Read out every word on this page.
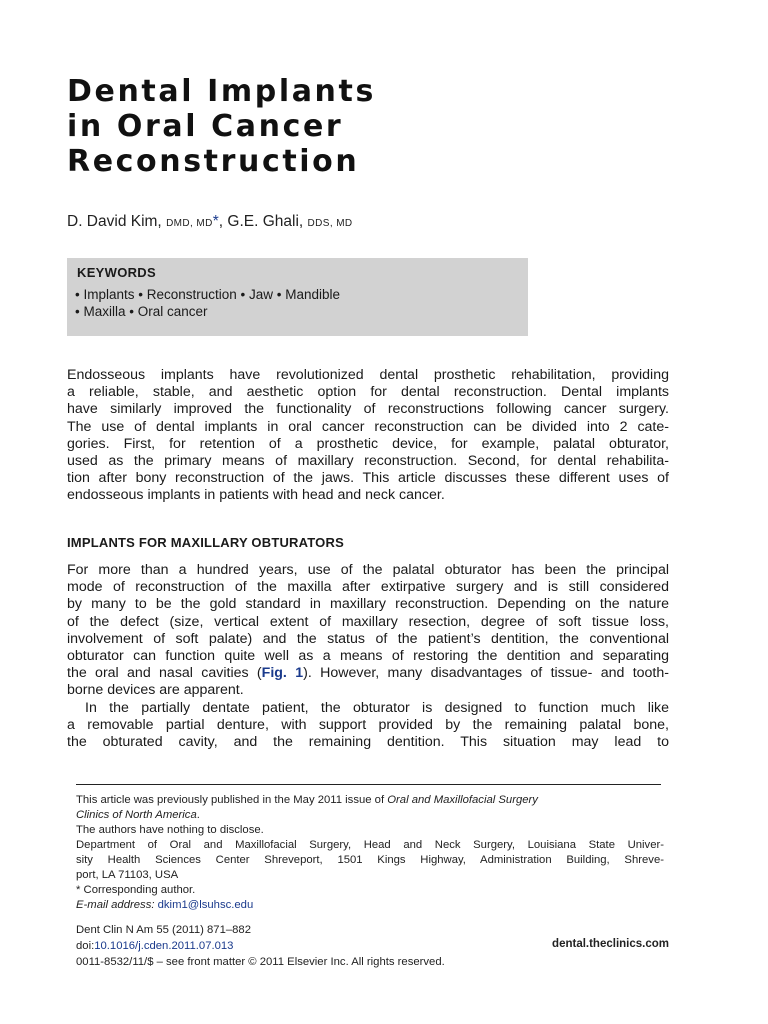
Dental Implants
in Oral Cancer
Reconstruction
D. David Kim, DMD, MD*, G.E. Ghali, DDS, MD
KEYWORDS
• Implants • Reconstruction • Jaw • Mandible
• Maxilla • Oral cancer
Endosseous implants have revolutionized dental prosthetic rehabilitation, providing
a reliable, stable, and aesthetic option for dental reconstruction. Dental implants
have similarly improved the functionality of reconstructions following cancer surgery.
The use of dental implants in oral cancer reconstruction can be divided into 2 cate-
gories. First, for retention of a prosthetic device, for example, palatal obturator,
used as the primary means of maxillary reconstruction. Second, for dental rehabilita-
tion after bony reconstruction of the jaws. This article discusses these different uses of
endosseous implants in patients with head and neck cancer.
IMPLANTS FOR MAXILLARY OBTURATORS
For more than a hundred years, use of the palatal obturator has been the principal
mode of reconstruction of the maxilla after extirpative surgery and is still considered
by many to be the gold standard in maxillary reconstruction. Depending on the nature
of the defect (size, vertical extent of maxillary resection, degree of soft tissue loss,
involvement of soft palate) and the status of the patient’s dentition, the conventional
obturator can function quite well as a means of restoring the dentition and separating
the oral and nasal cavities (Fig. 1). However, many disadvantages of tissue- and tooth-
borne devices are apparent.
In the partially dentate patient, the obturator is designed to function much like
a removable partial denture, with support provided by the remaining palatal bone,
the obturated cavity, and the remaining dentition. This situation may lead to
This article was previously published in the May 2011 issue of Oral and Maxillofacial Surgery
Clinics of North America.
The authors have nothing to disclose.
Department of Oral and Maxillofacial Surgery, Head and Neck Surgery, Louisiana State Univer-
sity Health Sciences Center Shreveport, 1501 Kings Highway, Administration Building, Shreve-
port, LA 71103, USA
* Corresponding author.
E-mail address: dkim1@lsuhsc.edu
Dent Clin N Am 55 (2011) 871–882
doi:10.1016/j.cden.2011.07.013
0011-8532/11/$ – see front matter © 2011 Elsevier Inc. All rights reserved.
dental.theclinics.com
